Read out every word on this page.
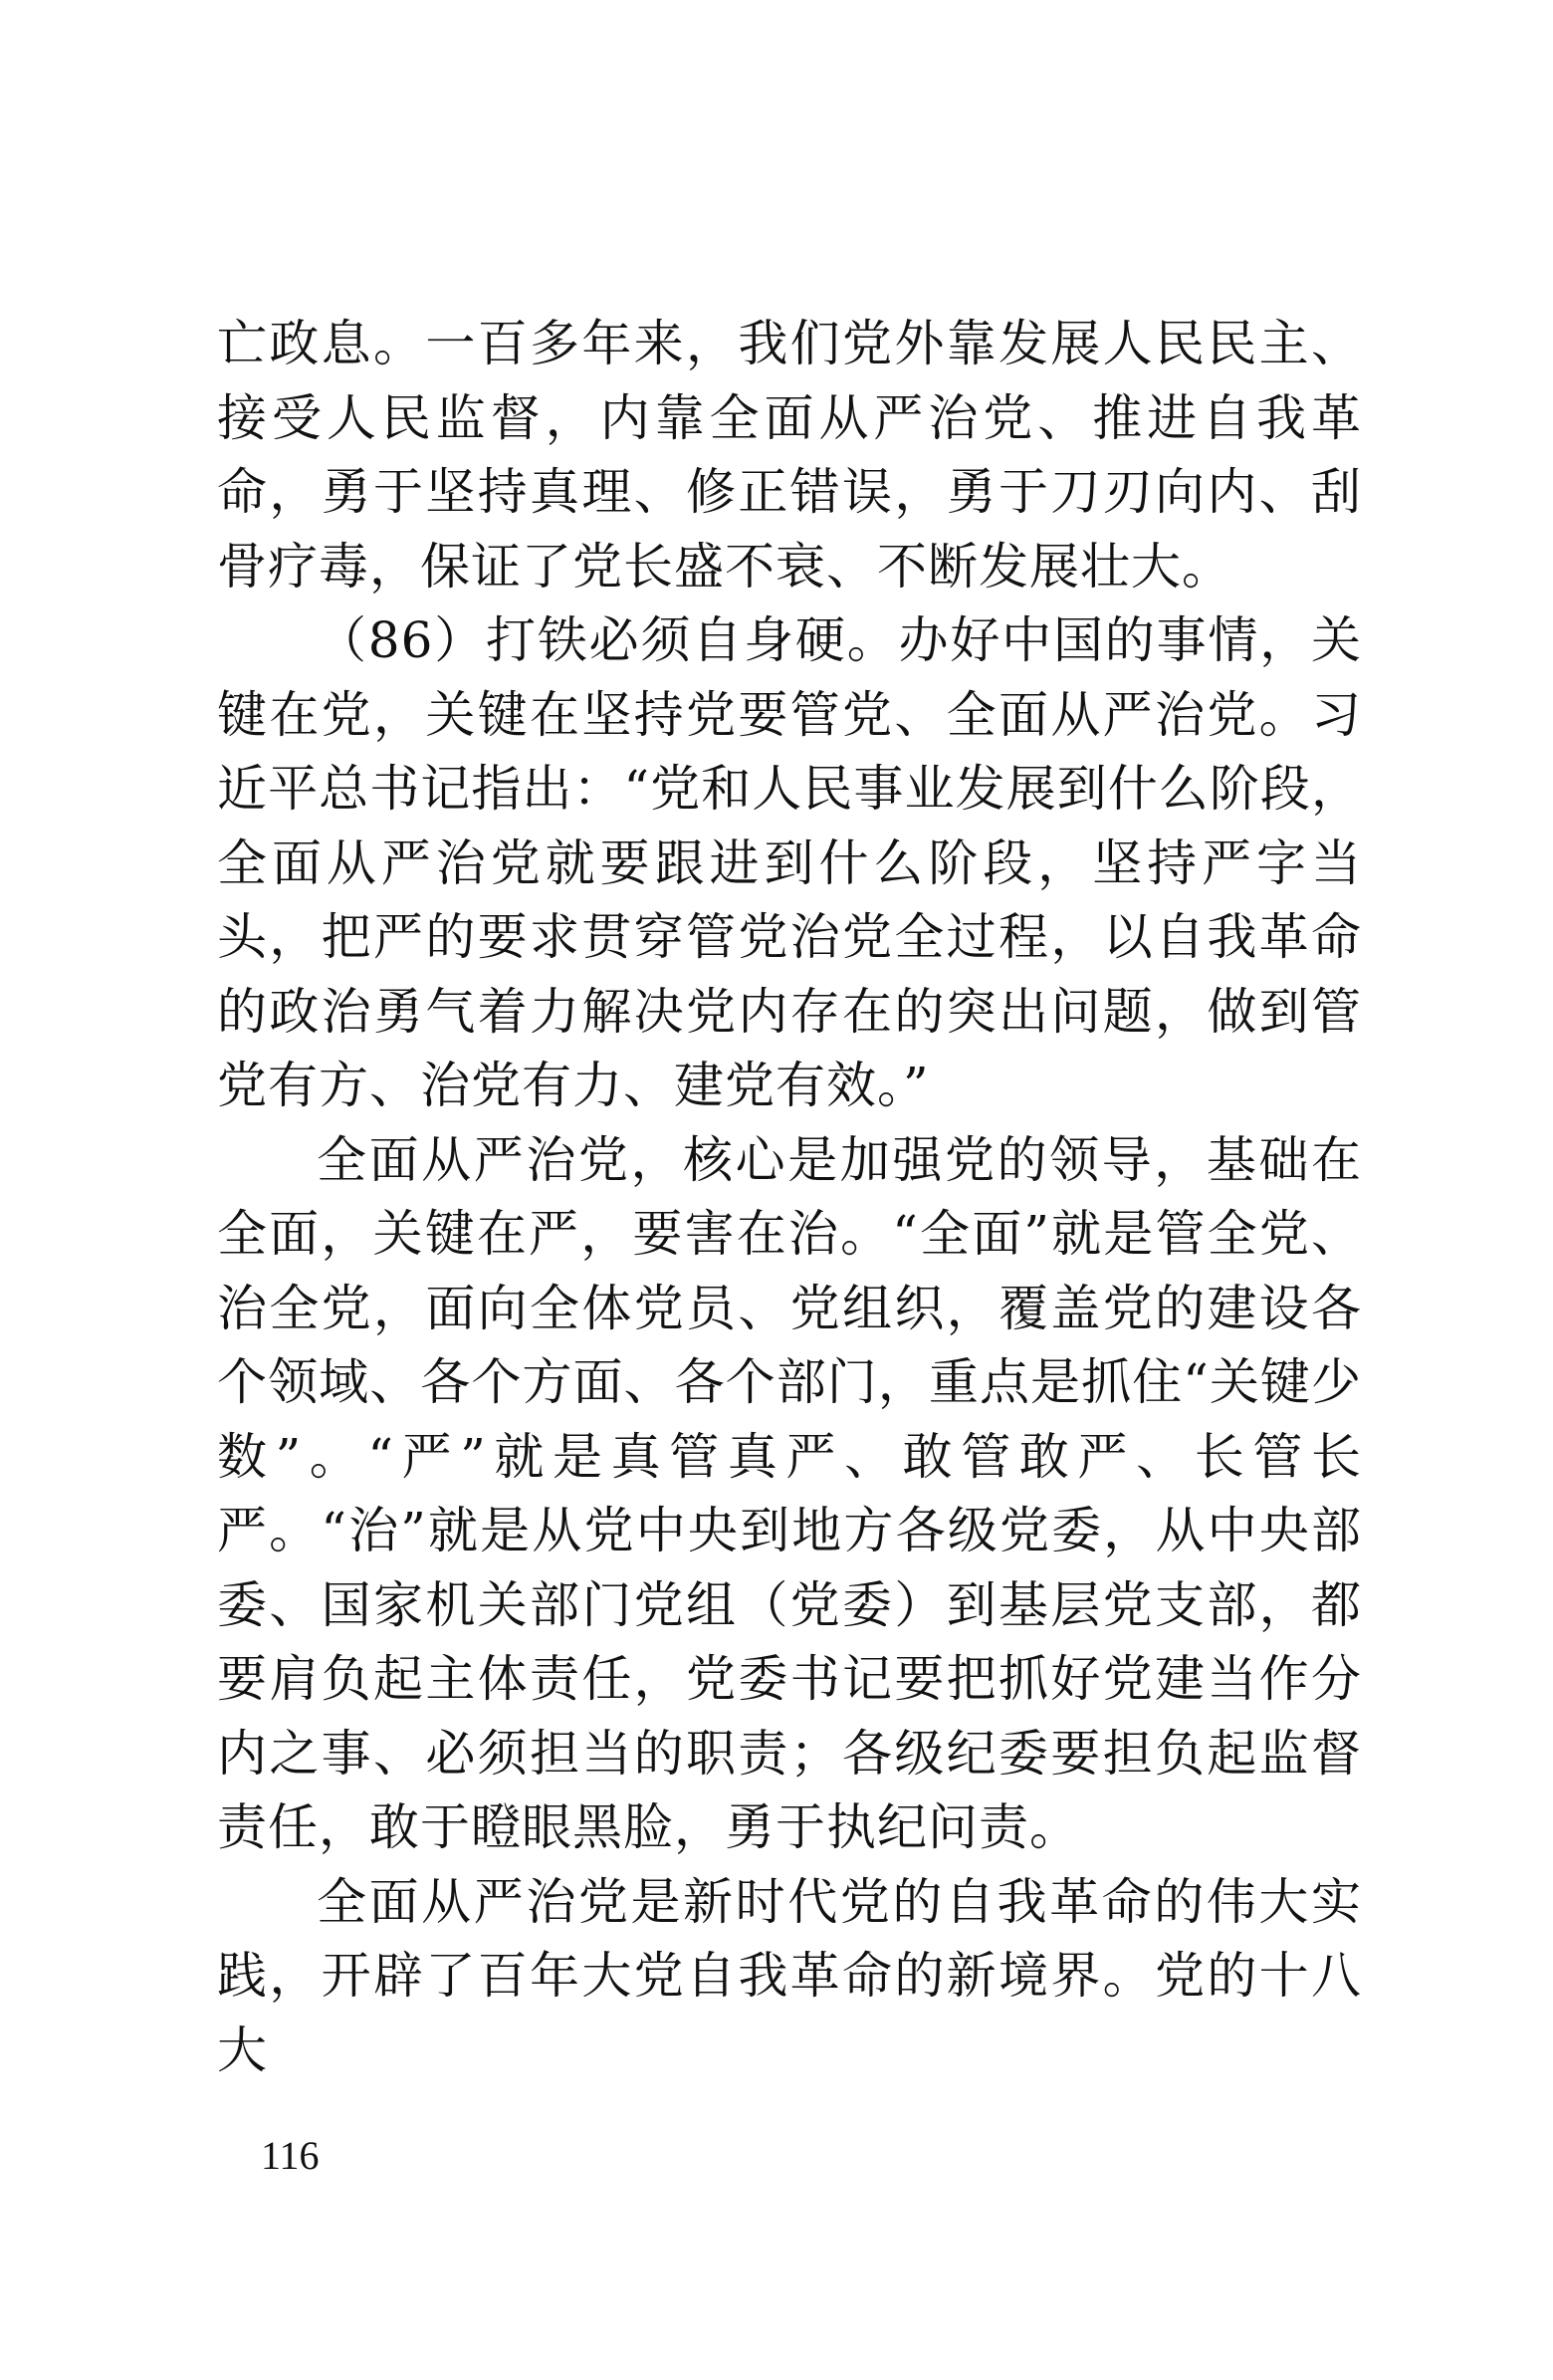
亡政息。一百多年来，我们党外靠发展人民民主、接受人民监督，内靠全面从严治党、推进自我革命，勇于坚持真理、修正错误，勇于刀刃向内、刮骨疗毒，保证了党长盛不衰、不断发展壮大。

（86）打铁必须自身硬。办好中国的事情，关键在党，关键在坚持党要管党、全面从严治党。习近平总书记指出：“党和人民事业发展到什么阶段，全面从严治党就要跟进到什么阶段，坚持严字当头，把严的要求贯穿管党治党全过程，以自我革命的政治勇气着力解决党内存在的突出问题，做到管党有方、治党有力、建党有效。”

全面从严治党，核心是加强党的领导，基础在全面，关键在严，要害在治。“全面”就是管全党、治全党，面向全体党员、党组织，覆盖党的建设各个领域、各个方面、各个部门，重点是抓住“关键少数”。“严”就是真管真严、敢管敢严、长管长严。“治”就是从党中央到地方各级党委，从中央部委、国家机关部门党组（党委）到基层党支部，都要肩负起主体责任，党委书记要把抓好党建当作分内之事、必须担当的职责；各级纪委要担负起监督责任，敢于瞪眼黑脸，勇于执纪问责。

全面从严治党是新时代党的自我革命的伟大实践，开辟了百年大党自我革命的新境界。党的十八大

116
